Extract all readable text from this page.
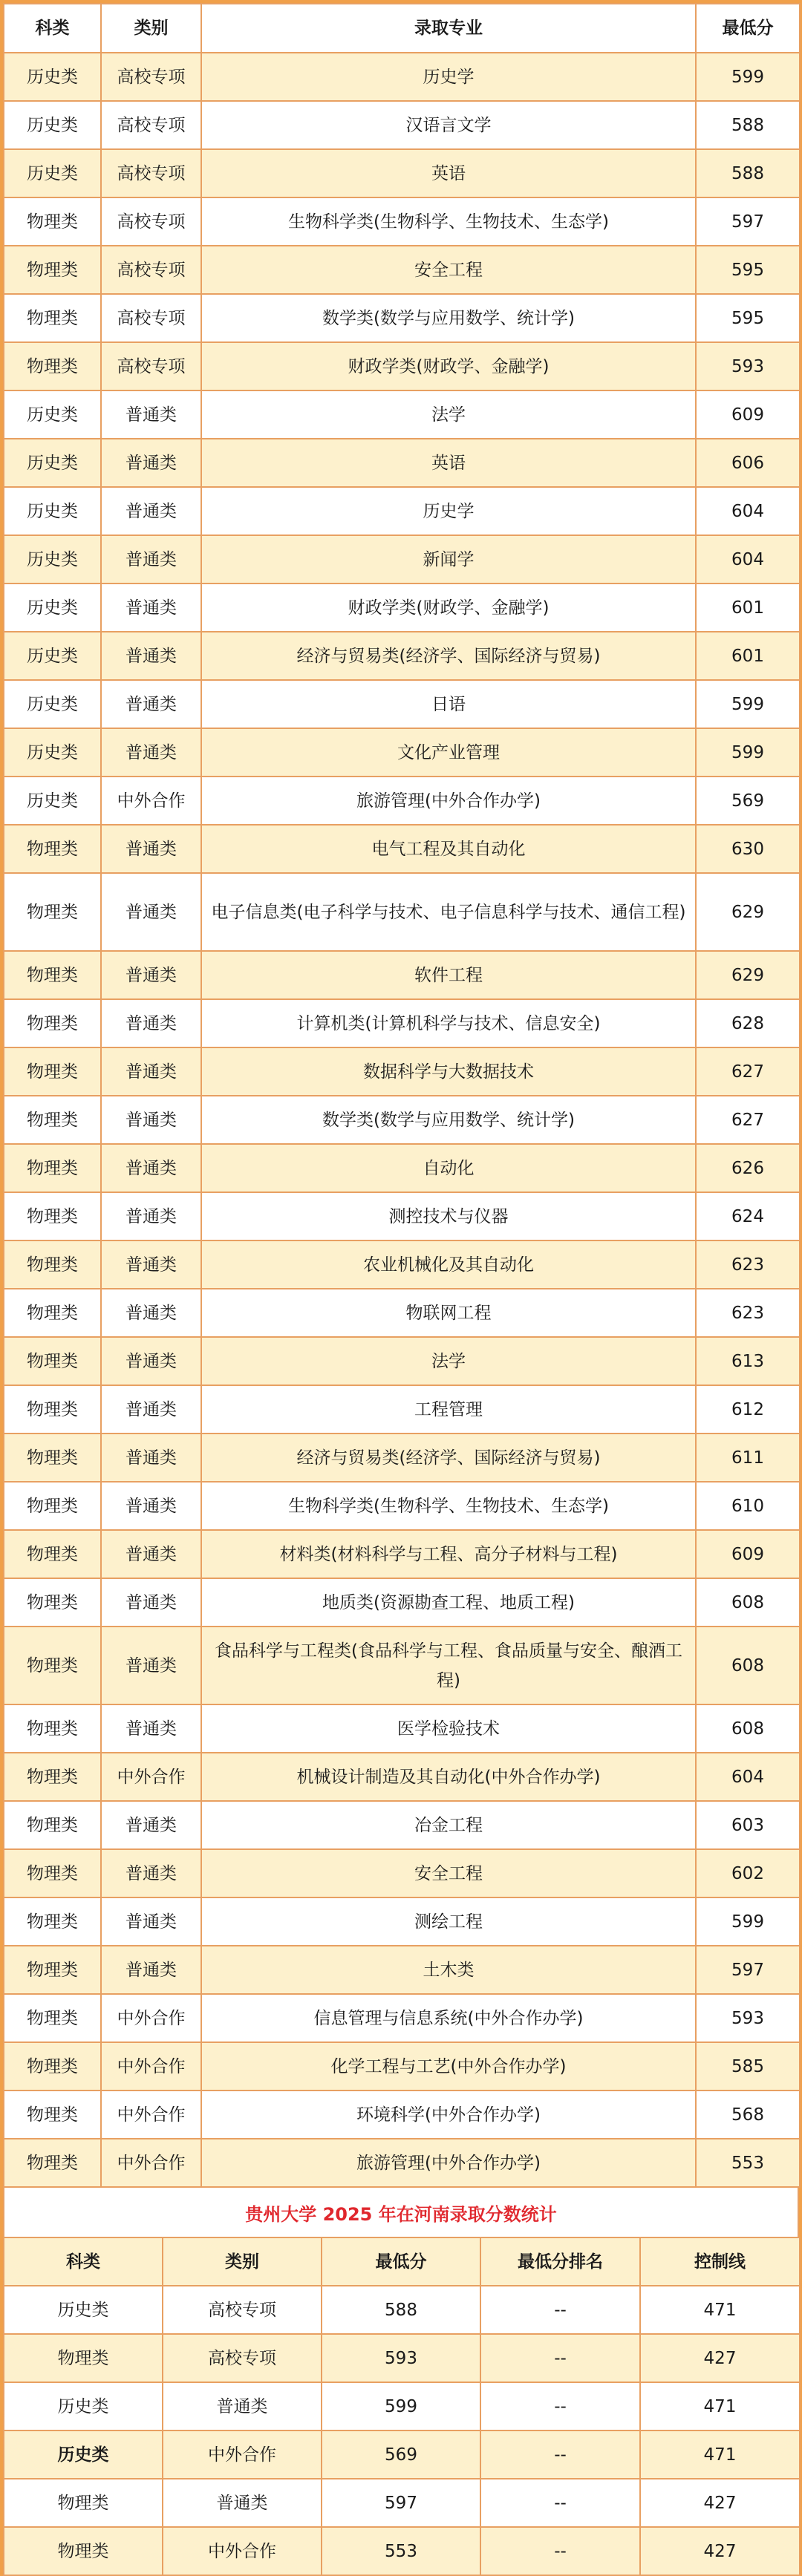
科类	类别	录取专业	最低分
历史类	高校专项	历史学	599
历史类	高校专项	汉语言文学	588
历史类	高校专项	英语	588
物理类	高校专项	生物科学类(生物科学、生物技术、生态学)	597
物理类	高校专项	安全工程	595
物理类	高校专项	数学类(数学与应用数学、统计学)	595
物理类	高校专项	财政学类(财政学、金融学)	593
历史类	普通类	法学	609
历史类	普通类	英语	606
历史类	普通类	历史学	604
历史类	普通类	新闻学	604
历史类	普通类	财政学类(财政学、金融学)	601
历史类	普通类	经济与贸易类(经济学、国际经济与贸易)	601
历史类	普通类	日语	599
历史类	普通类	文化产业管理	599
历史类	中外合作	旅游管理(中外合作办学)	569
物理类	普通类	电气工程及其自动化	630
物理类	普通类	电子信息类(电子科学与技术、电子信息科学与技术、通信工程)	629
物理类	普通类	软件工程	629
物理类	普通类	计算机类(计算机科学与技术、信息安全)	628
物理类	普通类	数据科学与大数据技术	627
物理类	普通类	数学类(数学与应用数学、统计学)	627
物理类	普通类	自动化	626
物理类	普通类	测控技术与仪器	624
物理类	普通类	农业机械化及其自动化	623
物理类	普通类	物联网工程	623
物理类	普通类	法学	613
物理类	普通类	工程管理	612
物理类	普通类	经济与贸易类(经济学、国际经济与贸易)	611
物理类	普通类	生物科学类(生物科学、生物技术、生态学)	610
物理类	普通类	材料类(材料科学与工程、高分子材料与工程)	609
物理类	普通类	地质类(资源勘查工程、地质工程)	608
物理类	普通类	食品科学与工程类(食品科学与工程、食品质量与安全、酿酒工程)	608
物理类	普通类	医学检验技术	608
物理类	中外合作	机械设计制造及其自动化(中外合作办学)	604
物理类	普通类	冶金工程	603
物理类	普通类	安全工程	602
物理类	普通类	测绘工程	599
物理类	普通类	土木类	597
物理类	中外合作	信息管理与信息系统(中外合作办学)	593
物理类	中外合作	化学工程与工艺(中外合作办学)	585
物理类	中外合作	环境科学(中外合作办学)	568
物理类	中外合作	旅游管理(中外合作办学)	553
贵州大学 2025 年在河南录取分数统计
科类	类别	最低分	最低分排名	控制线
历史类	高校专项	588	--	471
物理类	高校专项	593	--	427
历史类	普通类	599	--	471
历史类	中外合作	569	--	471
物理类	普通类	597	--	427
物理类	中外合作	553	--	427
